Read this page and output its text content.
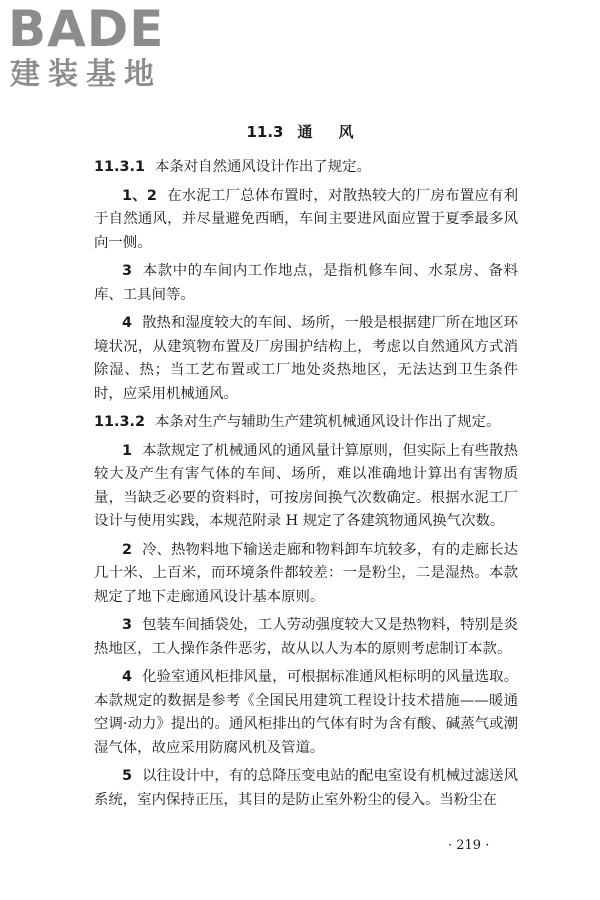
BADE
建装基地
11.3 通 风

11.3.1 本条对自然通风设计作出了规定。

1、2 在水泥工厂总体布置时，对散热较大的厂房布置应有利于自然通风，并尽量避免西晒，车间主要进风面应置于夏季最多风向一侧。

3 本款中的车间内工作地点，是指机修车间、水泵房、备料库、工具间等。

4 散热和湿度较大的车间、场所，一般是根据建厂所在地区环境状况，从建筑物布置及厂房围护结构上，考虑以自然通风方式消除湿、热；当工艺布置或工厂地处炎热地区，无法达到卫生条件时，应采用机械通风。

11.3.2 本条对生产与辅助生产建筑机械通风设计作出了规定。

1 本款规定了机械通风的通风量计算原则，但实际上有些散热较大及产生有害气体的车间、场所，难以准确地计算出有害物质量，当缺乏必要的资料时，可按房间换气次数确定。根据水泥工厂设计与使用实践，本规范附录 H 规定了各建筑物通风换气次数。

2 冷、热物料地下输送走廊和物料卸车坑较多，有的走廊长达几十米、上百米，而环境条件都较差：一是粉尘，二是湿热。本款规定了地下走廊通风设计基本原则。

3 包装车间插袋处，工人劳动强度较大又是热物料，特别是炎热地区，工人操作条件恶劣，故从以人为本的原则考虑制订本款。

4 化验室通风柜排风量，可根据标准通风柜标明的风量选取。本款规定的数据是参考《全国民用建筑工程设计技术措施——暖通空调·动力》提出的。通风柜排出的气体有时为含有酸、碱蒸气或潮湿气体，故应采用防腐风机及管道。

5 以往设计中，有的总降压变电站的配电室设有机械过滤送风系统，室内保持正压，其目的是防止室外粉尘的侵入。当粉尘在

· 219 ·
